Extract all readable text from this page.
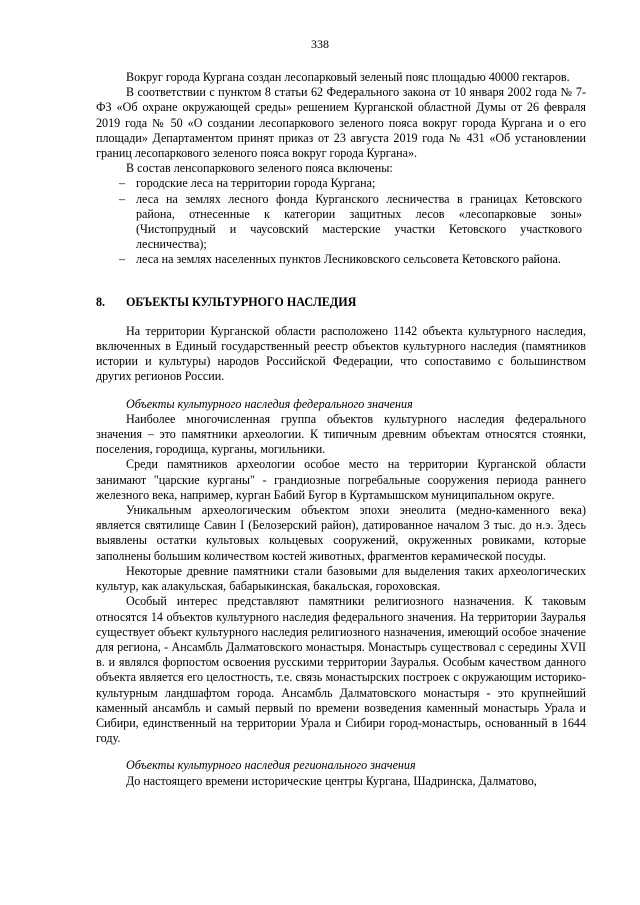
338

Вокруг города Кургана создан лесопарковый зеленый пояс площадью 40000 гектаров.

В соответствии с пунктом 8 статьи 62 Федерального закона от 10 января 2002 года № 7-ФЗ «Об охране окружающей среды» решением Курганской областной Думы от 26 февраля 2019 года № 50 «О создании лесопаркового зеленого пояса вокруг города Кургана и о его площади» Департаментом принят приказ от 23 августа 2019 года № 431 «Об установлении границ лесопаркового зеленого пояса вокруг города Кургана».

В состав ленсопаркового зеленого пояса включены:

– городские леса на территории города Кургана;
– леса на землях лесного фонда Курганского лесничества в границах Кетовского района, отнесенные к категории защитных лесов «лесопарковые зоны» (Чистопрудный и чаусовский мастерские участки Кетовского участкового лесничества);
– леса на землях населенных пунктов Лесниковского сельсовета Кетовского района.
8.	ОБЪЕКТЫ КУЛЬТУРНОГО НАСЛЕДИЯ

На территории Курганской области расположено 1142 объекта культурного наследия, включенных в Единый государственный реестр объектов культурного наследия (памятников истории и культуры) народов Российской Федерации, что сопоставимо с большинством других регионов России.

Объекты культурного наследия федерального значения

Наиболее многочисленная группа объектов культурного наследия федерального значения – это памятники археологии. К типичным древним объектам относятся стоянки, поселения, городища, курганы, могильники.

Среди памятников археологии особое место на территории Курганской области занимают "царские курганы" - грандиозные погребальные сооружения периода раннего железного века, например, курган Бабий Бугор в Куртамышском муниципальном округе.

Уникальным археологическим объектом эпохи энеолита (медно-каменного века) является святилище Савин I (Белозерский район), датированное началом 3 тыс. до н.э. Здесь выявлены остатки культовых кольцевых сооружений, окруженных ровиками, которые заполнены большим количеством костей животных, фрагментов керамической посуды.

Некоторые древние памятники стали базовыми для выделения таких археологических культур, как алакульская, бабарыкинская, бакальская, гороховская.

Особый интерес представляют памятники религиозного назначения. К таковым относятся 14 объектов культурного наследия федерального значения. На территории Зауралья существует объект культурного наследия религиозного назначения, имеющий особое значение для региона, - Ансамбль Далматовского монастыря. Монастырь существовал с середины XVII в. и являлся форпостом освоения русскими территории Зауралья. Особым качеством данного объекта является его целостность, т.е. связь монастырских построек с окружающим историко-культурным ландшафтом города. Ансамбль Далматовского монастыря - это крупнейший каменный ансамбль и самый первый по времени возведения каменный монастырь Урала и Сибири, единственный на территории Урала и Сибири город-монастырь, основанный в 1644 году.

Объекты культурного наследия регионального значения

До настоящего времени исторические центры Кургана, Шадринска, Далматово,
